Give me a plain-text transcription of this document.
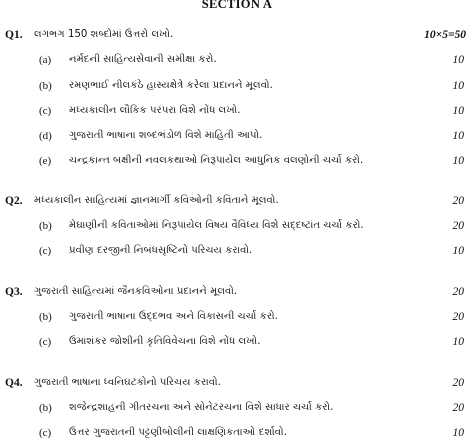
SECTION A
Q1. લગભગ 150 શબ્દોમાં ઉત્તરો લખો.	10×5=50
(a) નર્મદની સાહિત્યસેવાની સમીક્ષા કરો.	10
(b) રમણભાઈ નીલકંઠે હાસ્યક્ષેત્રે કરેલા પ્રદાનને મૂલવો.	10
(c) મધ્યકાલીન લૌકિક પરંપરા વિશે નોંધ લખો.	10
(d) ગુજરાતી ભાષાના શબ્દભંડોળ વિશે માહિતી આપો.	10
(e) ચન્દ્રકાન્ત બક્ષીની નવલકથાઓ નિરૂપાયેલ આધુનિક વલણોની ચર્ચા કરો.	10
Q2. મધ્યકાલીન સાહિત્યમાં જ્ઞાનમાર્ગી કવિઓની કવિતાને મૂલવો.	20
(b) મેઘાણીની કવિતાઓમાં નિરૂપાયેલ વિષય વૈવિધ્ય વિશે સદ્દષ્ટાંત ચર્ચા કરો.	20
(c) પ્રવીણ દરજીની નિબંધસૃષ્ટિનો પરિચય કરાવો.	10
Q3. ગુજરાતી સાહિત્યમાં જૈનકવિઓના પ્રદાનને મૂલવો.	20
(b) ગુજરાતી ભાષાના ઉદ્દભવ અને વિકાસની ચર્ચા કરો.	20
(c) ઉમાશંકર જોશીની કૃતિવિવેચના વિશે નોંધ લખો.	10
Q4. ગુજરાતી ભાષાના ધ્વનિઘટકોનો પરિચય કરાવો.	20
(b) શજેન્દ્રશાહની ગીતરચના અને સોનેટરચના વિશે સાધાર ચર્ચા કરો.	20
(c) ઉત્તર ગુજરાતની પટ્ટણીબોલીની લાક્ષણિકતાઓ દર્શાવો.	10
